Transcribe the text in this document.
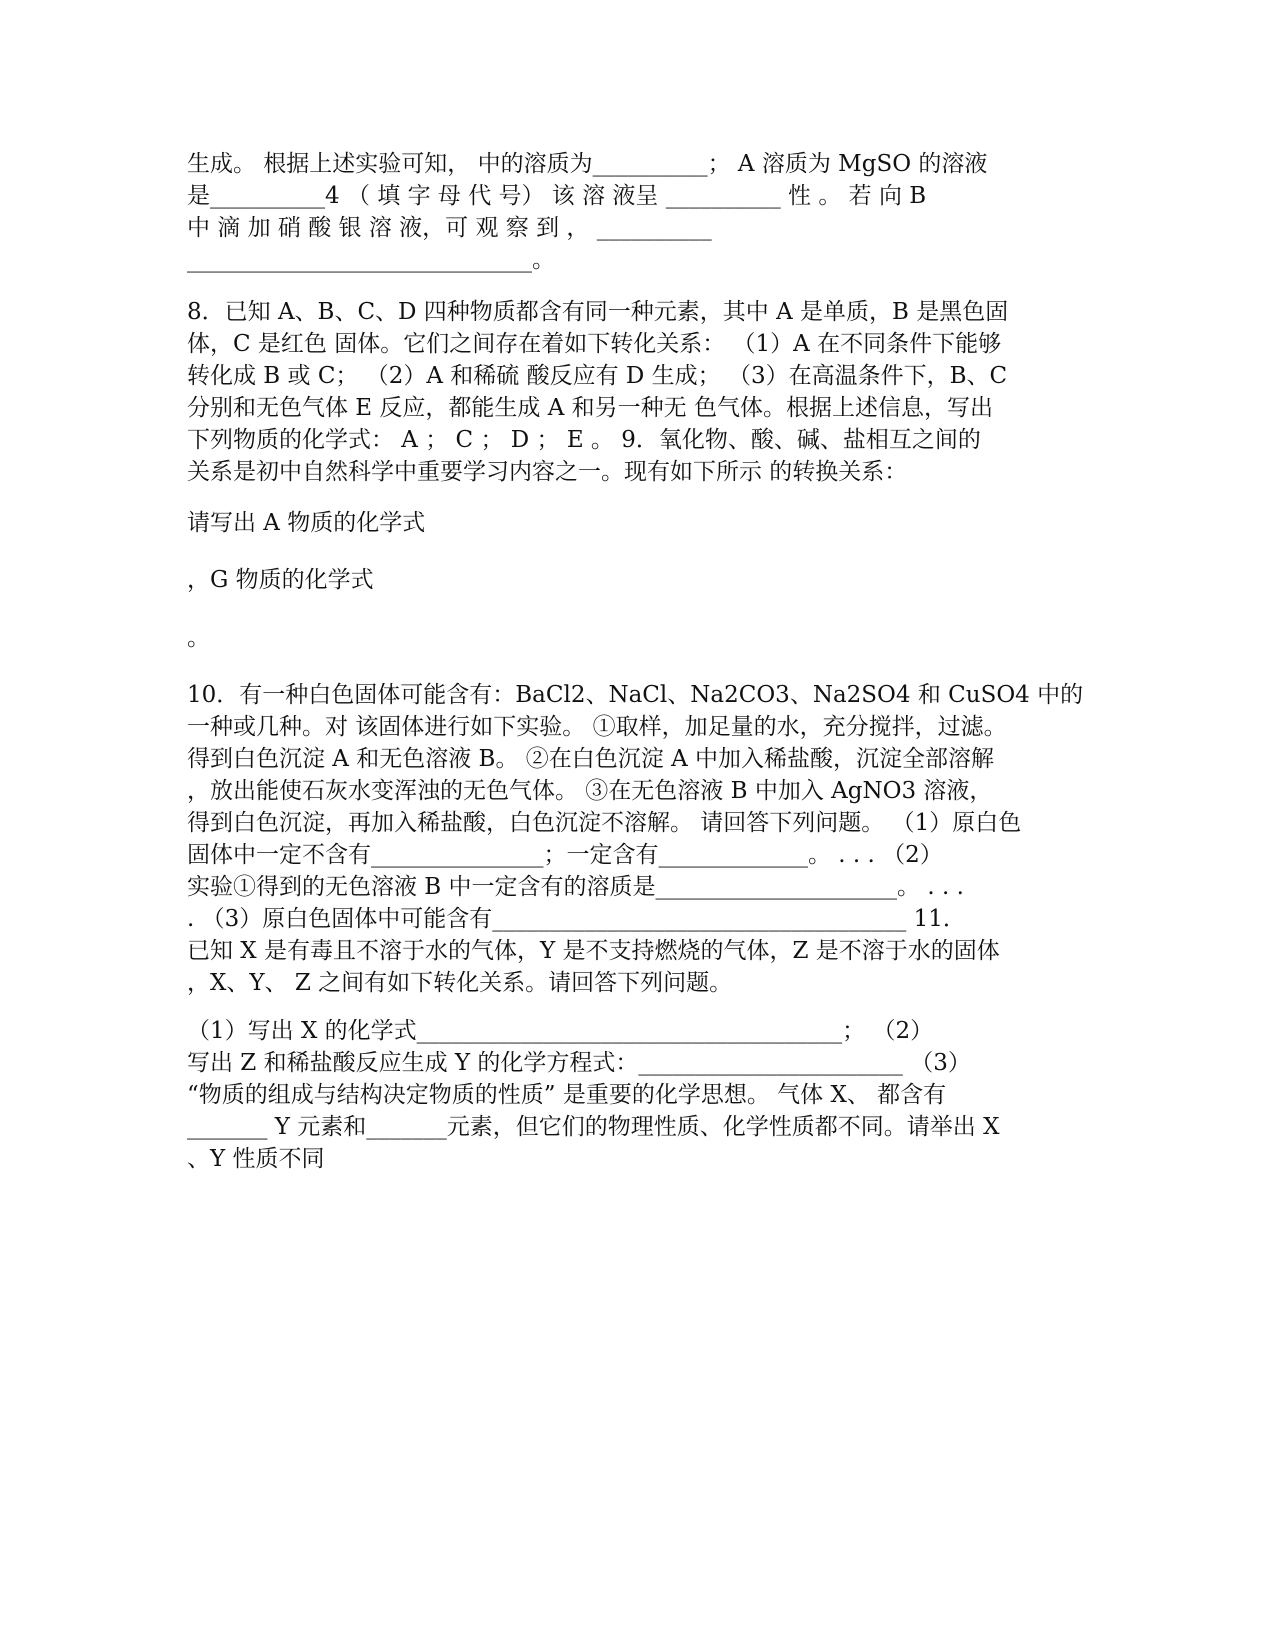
生成。 根据上述实验可知， 中的溶质为__________； A 溶质为 MgSO 的溶液
是__________4 （ 填 字 母 代 号） 该 溶 液呈 __________ 性 。 若 向 B
中 滴 加 硝 酸 银 溶 液，可 观 察 到 ， __________
______________________________。
8．已知 A、B、C、D 四种物质都含有同一种元素，其中 A 是单质，B 是黑色固
体，C 是红色 固体。它们之间存在着如下转化关系： （1）A 在不同条件下能够
转化成 B 或 C； （2）A 和稀硫 酸反应有 D 生成； （3）在高温条件下，B、C
分别和无色气体 E 反应，都能生成 A 和另一种无 色气体。根据上述信息，写出
下列物质的化学式： A ； C ； D ； E 。 9．氧化物、酸、碱、盐相互之间的
关系是初中自然科学中重要学习内容之一。现有如下所示 的转换关系：
请写出 A 物质的化学式
，G 物质的化学式
。
10．有一种白色固体可能含有：BaCl2、NaCl、Na2CO3、Na2SO4 和 CuSO4 中的
一种或几种。对 该固体进行如下实验。 ①取样，加足量的水，充分搅拌，过滤。
得到白色沉淀 A 和无色溶液 B。 ②在白色沉淀 A 中加入稀盐酸，沉淀全部溶解
，放出能使石灰水变浑浊的无色气体。 ③在无色溶液 B 中加入 AgNO3 溶液，
得到白色沉淀，再加入稀盐酸，白色沉淀不溶解。 请回答下列问题。 （1）原白色
固体中一定不含有_______________；一定含有_____________。 . . . （2）
实验①得到的无色溶液 B 中一定含有的溶质是_____________________。 . . .
. （3）原白色固体中可能含有____________________________________ 11．
已知 X 是有毒且不溶于水的气体，Y 是不支持燃烧的气体，Z 是不溶于水的固体
，X、Y、 Z 之间有如下转化关系。请回答下列问题。
（1）写出 X 的化学式_____________________________________； （2）
写出 Z 和稀盐酸反应生成 Y 的化学方程式：_______________________ （3）
“物质的组成与结构决定物质的性质” 是重要的化学思想。 气体 X、 都含有
_______ Y 元素和_______元素，但它们的物理性质、化学性质都不同。请举出 X
、Y 性质不同
